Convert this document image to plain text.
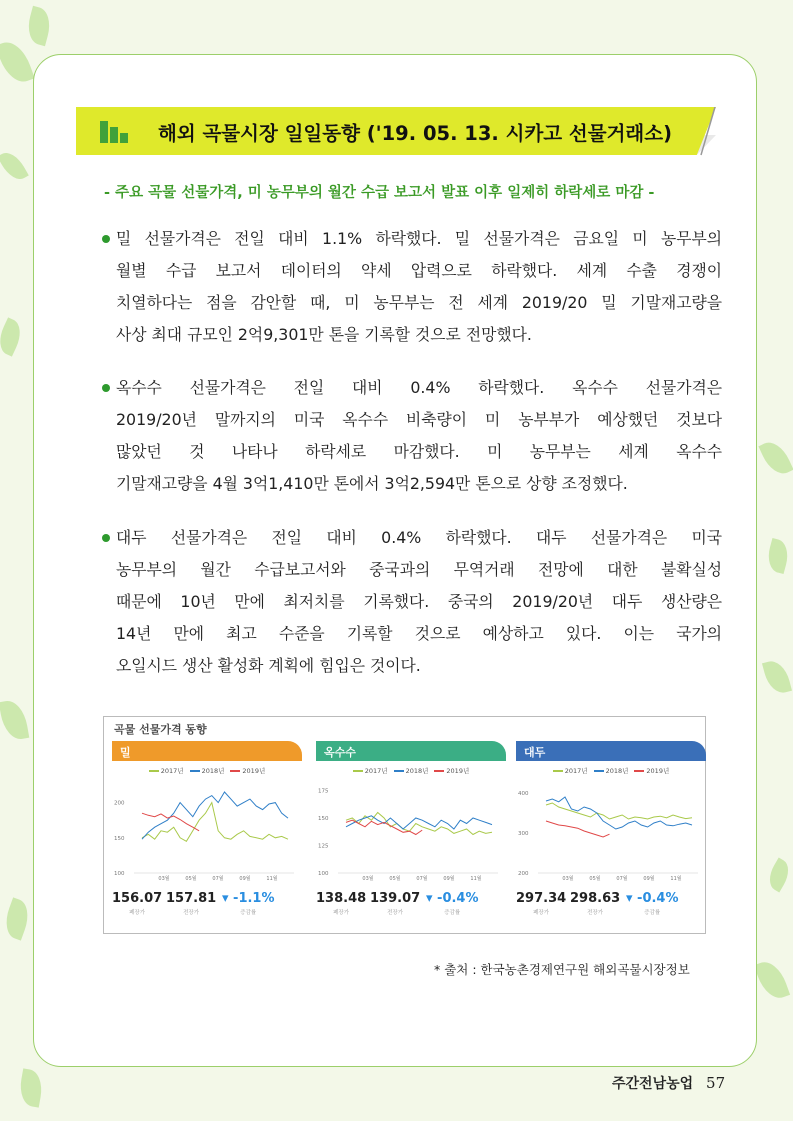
해외 곡물시장 일일동향 ('19. 05. 13. 시카고 선물거래소)
- 주요 곡물 선물가격, 미 농무부의 월간 수급 보고서 발표 이후 일제히 하락세로 마감 -
밀 선물가격은 전일 대비 1.1% 하락했다. 밀 선물가격은 금요일 미 농무부의
월별 수급 보고서 데이터의 약세 압력으로 하락했다. 세계 수출 경쟁이
치열하다는 점을 감안할 때, 미 농무부는 전 세계 2019/20 밀 기말재고량을
사상 최대 규모인 2억9,301만 톤을 기록할 것으로 전망했다.
옥수수 선물가격은 전일 대비 0.4% 하락했다. 옥수수 선물가격은
2019/20년 말까지의 미국 옥수수 비축량이 미 농부부가 예상했던 것보다
많았던 것 나타나 하락세로 마감했다. 미 농무부는 세계 옥수수
기말재고량을 4월 3억1,410만 톤에서 3억2,594만 톤으로 상향 조정했다.
대두 선물가격은 전일 대비 0.4% 하락했다. 대두 선물가격은 미국
농무부의 월간 수급보고서와 중국과의 무역거래 전망에 대한 불확실성
때문에 10년 만에 최저치를 기록했다. 중국의 2019/20년 대두 생산량은
14년 만에 최고 수준을 기록할 것으로 예상하고 있다. 이는 국가의
오일시드 생산 활성화 계획에 힘입은 것이다.
곡물 선물가격 동향
밀
2017년	2018년	2019년
100
150
200
03월	05월	07월	09월	11월
156.07
폐장가
157.81
전장가
▾ -1.1%
증감률
옥수수
2017년	2018년	2019년
100
125
150
175
03월	05월	07월	09월	11월
138.48
폐장가
139.07
전장가
▾ -0.4%
증감률
대두
2017년	2018년	2019년
200
300
400
03월	05월	07월	09월	11월
297.34
폐장가
298.63
전장가
▾ -0.4%
증감률
* 출처 : 한국농촌경제연구원 해외곡물시장정보
주간전남농업 57
